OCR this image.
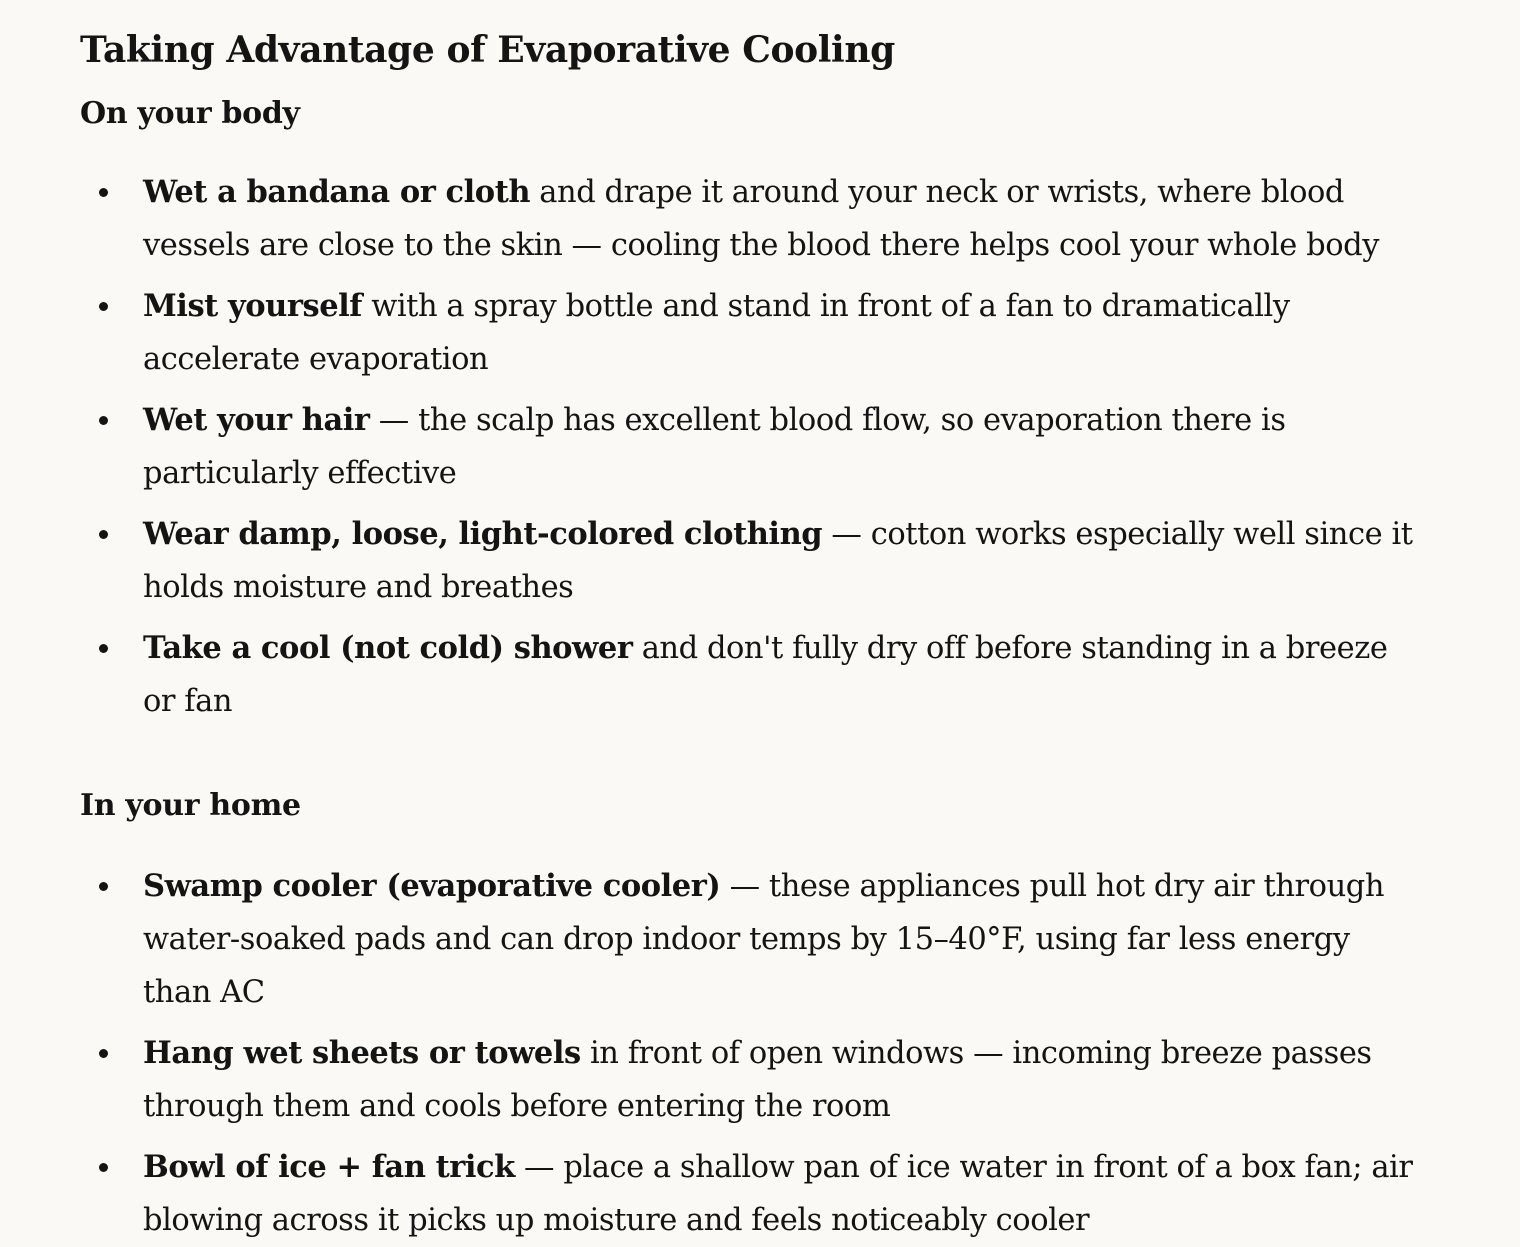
Taking Advantage of Evaporative Cooling
On your body
Wet a bandana or cloth and drape it around your neck or wrists, where blood vessels are close to the skin — cooling the blood there helps cool your whole body
Mist yourself with a spray bottle and stand in front of a fan to dramatically accelerate evaporation
Wet your hair — the scalp has excellent blood flow, so evaporation there is particularly effective
Wear damp, loose, light-colored clothing — cotton works especially well since it holds moisture and breathes
Take a cool (not cold) shower and don't fully dry off before standing in a breeze or fan
In your home
Swamp cooler (evaporative cooler) — these appliances pull hot dry air through water-soaked pads and can drop indoor temps by 15–40°F, using far less energy than AC
Hang wet sheets or towels in front of open windows — incoming breeze passes through them and cools before entering the room
Bowl of ice + fan trick — place a shallow pan of ice water in front of a box fan; air blowing across it picks up moisture and feels noticeably cooler
